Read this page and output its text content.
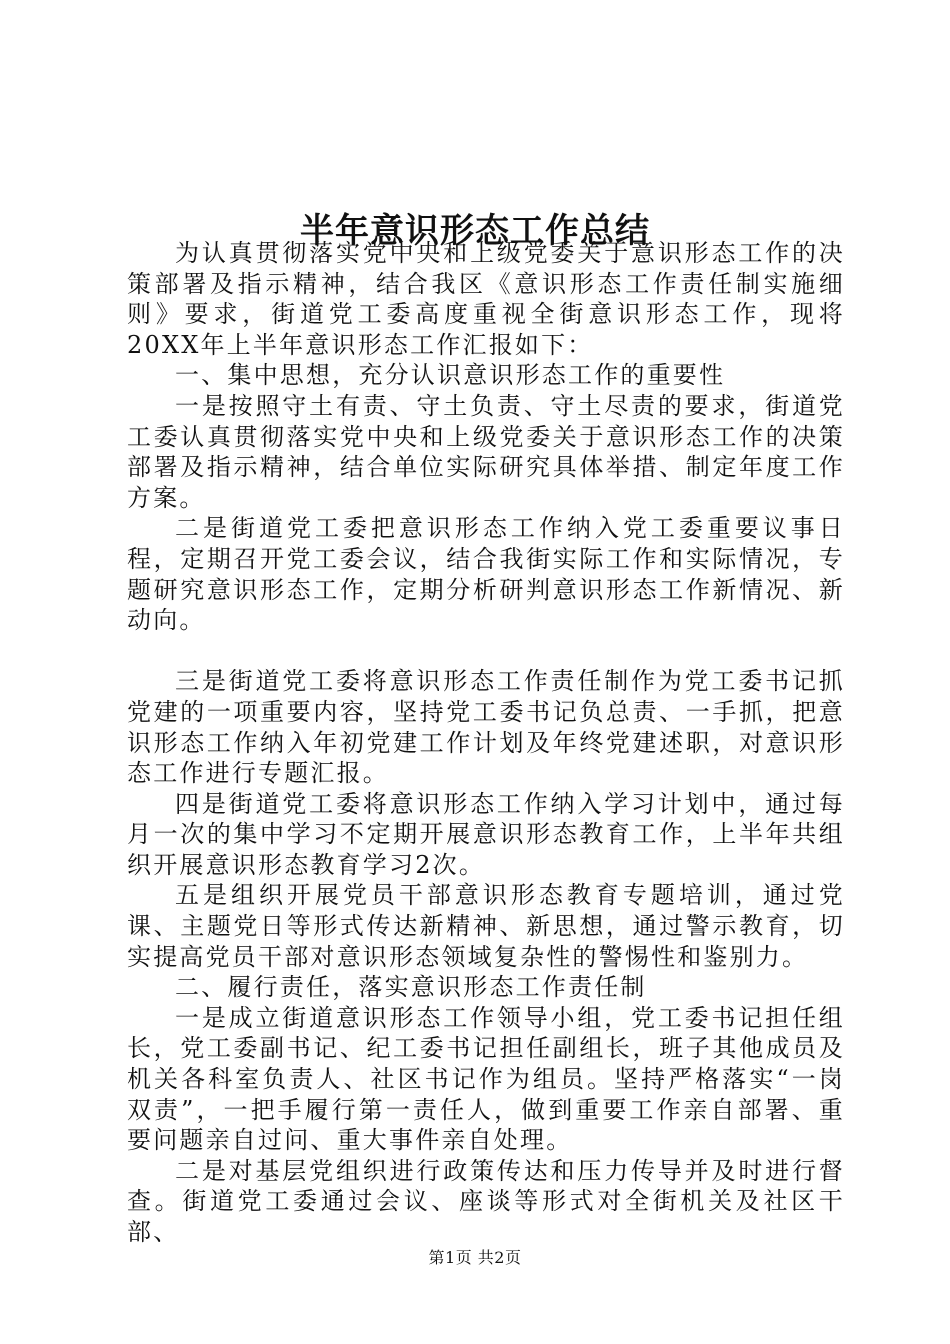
半年意识形态工作总结

为认真贯彻落实党中央和上级党委关于意识形态工作的决策部署及指示精神，结合我区《意识形态工作责任制实施细则》要求，街道党工委高度重视全街意识形态工作，现将20XX年上半年意识形态工作汇报如下：

一、集中思想，充分认识意识形态工作的重要性

一是按照守土有责、守土负责、守土尽责的要求，街道党工委认真贯彻落实党中央和上级党委关于意识形态工作的决策部署及指示精神，结合单位实际研究具体举措、制定年度工作方案。

二是街道党工委把意识形态工作纳入党工委重要议事日程，定期召开党工委会议，结合我街实际工作和实际情况，专题研究意识形态工作，定期分析研判意识形态工作新情况、新动向。

三是街道党工委将意识形态工作责任制作为党工委书记抓党建的一项重要内容，坚持党工委书记负总责、一手抓，把意识形态工作纳入年初党建工作计划及年终党建述职，对意识形态工作进行专题汇报。

四是街道党工委将意识形态工作纳入学习计划中，通过每月一次的集中学习不定期开展意识形态教育工作，上半年共组织开展意识形态教育学习2次。

五是组织开展党员干部意识形态教育专题培训，通过党课、主题党日等形式传达新精神、新思想，通过警示教育，切实提高党员干部对意识形态领域复杂性的警惕性和鉴别力。

二、履行责任，落实意识形态工作责任制

一是成立街道意识形态工作领导小组，党工委书记担任组长，党工委副书记、纪工委书记担任副组长，班子其他成员及机关各科室负责人、社区书记作为组员。坚持严格落实“一岗双责”，一把手履行第一责任人，做到重要工作亲自部署、重要问题亲自过问、重大事件亲自处理。

二是对基层党组织进行政策传达和压力传导并及时进行督查。街道党工委通过会议、座谈等形式对全街机关及社区干部、

第1页 共2页
